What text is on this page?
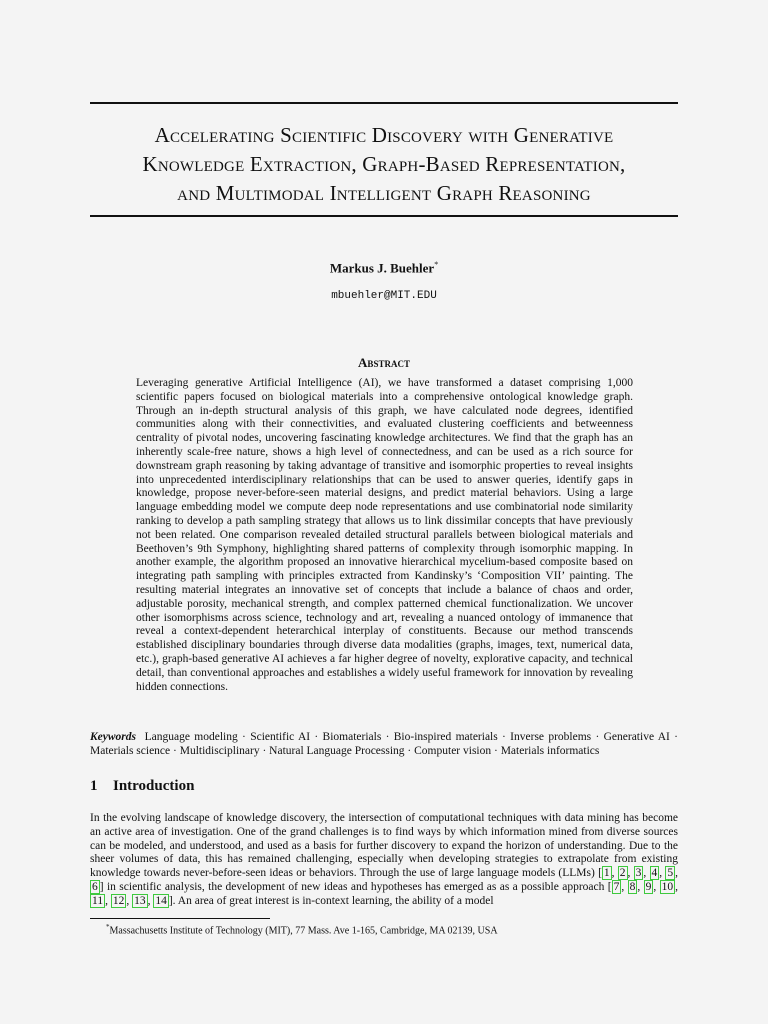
Accelerating Scientific Discovery with Generative
Knowledge Extraction, Graph-Based Representation,
and Multimodal Intelligent Graph Reasoning
Markus J. Buehler*
mbuehler@MIT.EDU
Abstract
Leveraging generative Artificial Intelligence (AI), we have transformed a dataset comprising 1,000 scientific papers focused on biological materials into a comprehensive ontological knowledge graph. Through an in-depth structural analysis of this graph, we have calculated node degrees, identified communities along with their connectivities, and evaluated clustering coefficients and betweenness centrality of pivotal nodes, uncovering fascinating knowledge architectures. We find that the graph has an inherently scale-free nature, shows a high level of connectedness, and can be used as a rich source for downstream graph reasoning by taking advantage of transitive and isomorphic properties to reveal insights into unprecedented interdisciplinary relationships that can be used to answer queries, identify gaps in knowledge, propose never-before-seen material designs, and predict material behaviors. Using a large language embedding model we compute deep node representations and use combinatorial node similarity ranking to develop a path sampling strategy that allows us to link dissimilar concepts that have previously not been related. One comparison revealed detailed structural parallels between biological materials and Beethoven’s 9th Symphony, highlighting shared patterns of complexity through isomorphic mapping. In another example, the algorithm proposed an innovative hierarchical mycelium-based composite based on integrating path sampling with principles extracted from Kandinsky’s ‘Composition VII’ painting. The resulting material integrates an innovative set of concepts that include a balance of chaos and order, adjustable porosity, mechanical strength, and complex patterned chemical functionalization. We uncover other isomorphisms across science, technology and art, revealing a nuanced ontology of immanence that reveal a context-dependent heterarchical interplay of constituents. Because our method transcends established disciplinary boundaries through diverse data modalities (graphs, images, text, numerical data, etc.), graph-based generative AI achieves a far higher degree of novelty, explorative capacity, and technical detail, than conventional approaches and establishes a widely useful framework for innovation by revealing hidden connections.
Keywords Language modeling · Scientific AI · Biomaterials · Bio-inspired materials · Inverse problems · Generative AI · Materials science · Multidisciplinary · Natural Language Processing · Computer vision · Materials informatics
1 Introduction
In the evolving landscape of knowledge discovery, the intersection of computational techniques with data mining has become an active area of investigation. One of the grand challenges is to find ways by which information mined from diverse sources can be modeled, and understood, and used as a basis for further discovery to expand the horizon of understanding. Due to the sheer volumes of data, this has remained challenging, especially when developing strategies to extrapolate from existing knowledge towards never-before-seen ideas or behaviors. Through the use of large language models (LLMs) [ 1 , 2 , 3 , 4 , 5 , 6 ] in scientific analysis, the development of new ideas and hypotheses has emerged as as a possible approach [ 7 , 8 , 9 , 10 , 11 , 12 , 13 , 14 ]. An area of great interest is in-context learning, the ability of a model
*Massachusetts Institute of Technology (MIT), 77 Mass. Ave 1-165, Cambridge, MA 02139, USA
